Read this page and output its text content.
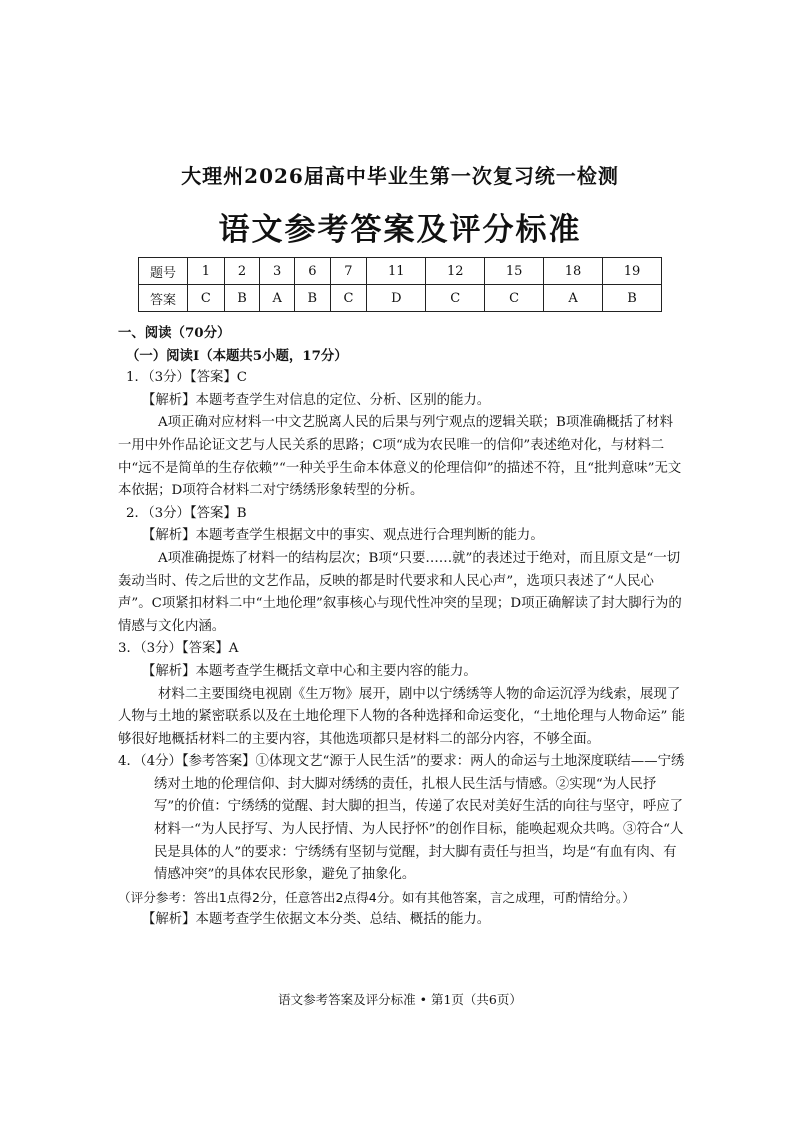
大理州2026届高中毕业生第一次复习统一检测
语文参考答案及评分标准
题号	1	2	3	6	7	11	12	15	18	19
答案	C	B	A	B	C	D	C	C	A	B
一、阅读（70分）
（一）阅读Ⅰ（本题共5小题，17分）
1．（3分）【答案】C
【解析】本题考查学生对信息的定位、分析、区别的能力。
A项正确对应材料一中文艺脱离人民的后果与列宁观点的逻辑关联；B项准确概括了材料一用中外作品论证文艺与人民关系的思路；C项“成为农民唯一的信仰”表述绝对化，与材料二中“远不是简单的生存依赖”“一种关乎生命本体意义的伦理信仰”的描述不符，且“批判意味”无文本依据；D项符合材料二对宁绣绣形象转型的分析。
2．（3分）【答案】B
【解析】本题考查学生根据文中的事实、观点进行合理判断的能力。
A项准确提炼了材料一的结构层次；B项“只要……就”的表述过于绝对，而且原文是“一切轰动当时、传之后世的文艺作品，反映的都是时代要求和人民心声”，选项只表述了“人民心声”。C项紧扣材料二中“土地伦理”叙事核心与现代性冲突的呈现；D项正确解读了封大脚行为的情感与文化内涵。
3．（3分）【答案】A
【解析】本题考查学生概括文章中心和主要内容的能力。
材料二主要围绕电视剧《生万物》展开，剧中以宁绣绣等人物的命运沉浮为线索，展现了人物与土地的紧密联系以及在土地伦理下人物的各种选择和命运变化，“土地伦理与人物命运” 能够很好地概括材料二的主要内容，其他选项都只是材料二的部分内容，不够全面。
4．（4分）【参考答案】①体现文艺“源于人民生活”的要求：两人的命运与土地深度联结——宁绣绣对土地的伦理信仰、封大脚对绣绣的责任，扎根人民生活与情感。②实现“为人民抒写”的价值：宁绣绣的觉醒、封大脚的担当，传递了农民对美好生活的向往与坚守，呼应了材料一“为人民抒写、为人民抒情、为人民抒怀”的创作目标，能唤起观众共鸣。③符合“人民是具体的人”的要求：宁绣绣有坚韧与觉醒，封大脚有责任与担当，均是“有血有肉、有情感冲突”的具体农民形象，避免了抽象化。
（评分参考：答出1点得2分，任意答出2点得4分。如有其他答案，言之成理，可酌情给分。）
【解析】本题考查学生依据文本分类、总结、概括的能力。
语文参考答案及评分标准 • 第1页（共6页）
